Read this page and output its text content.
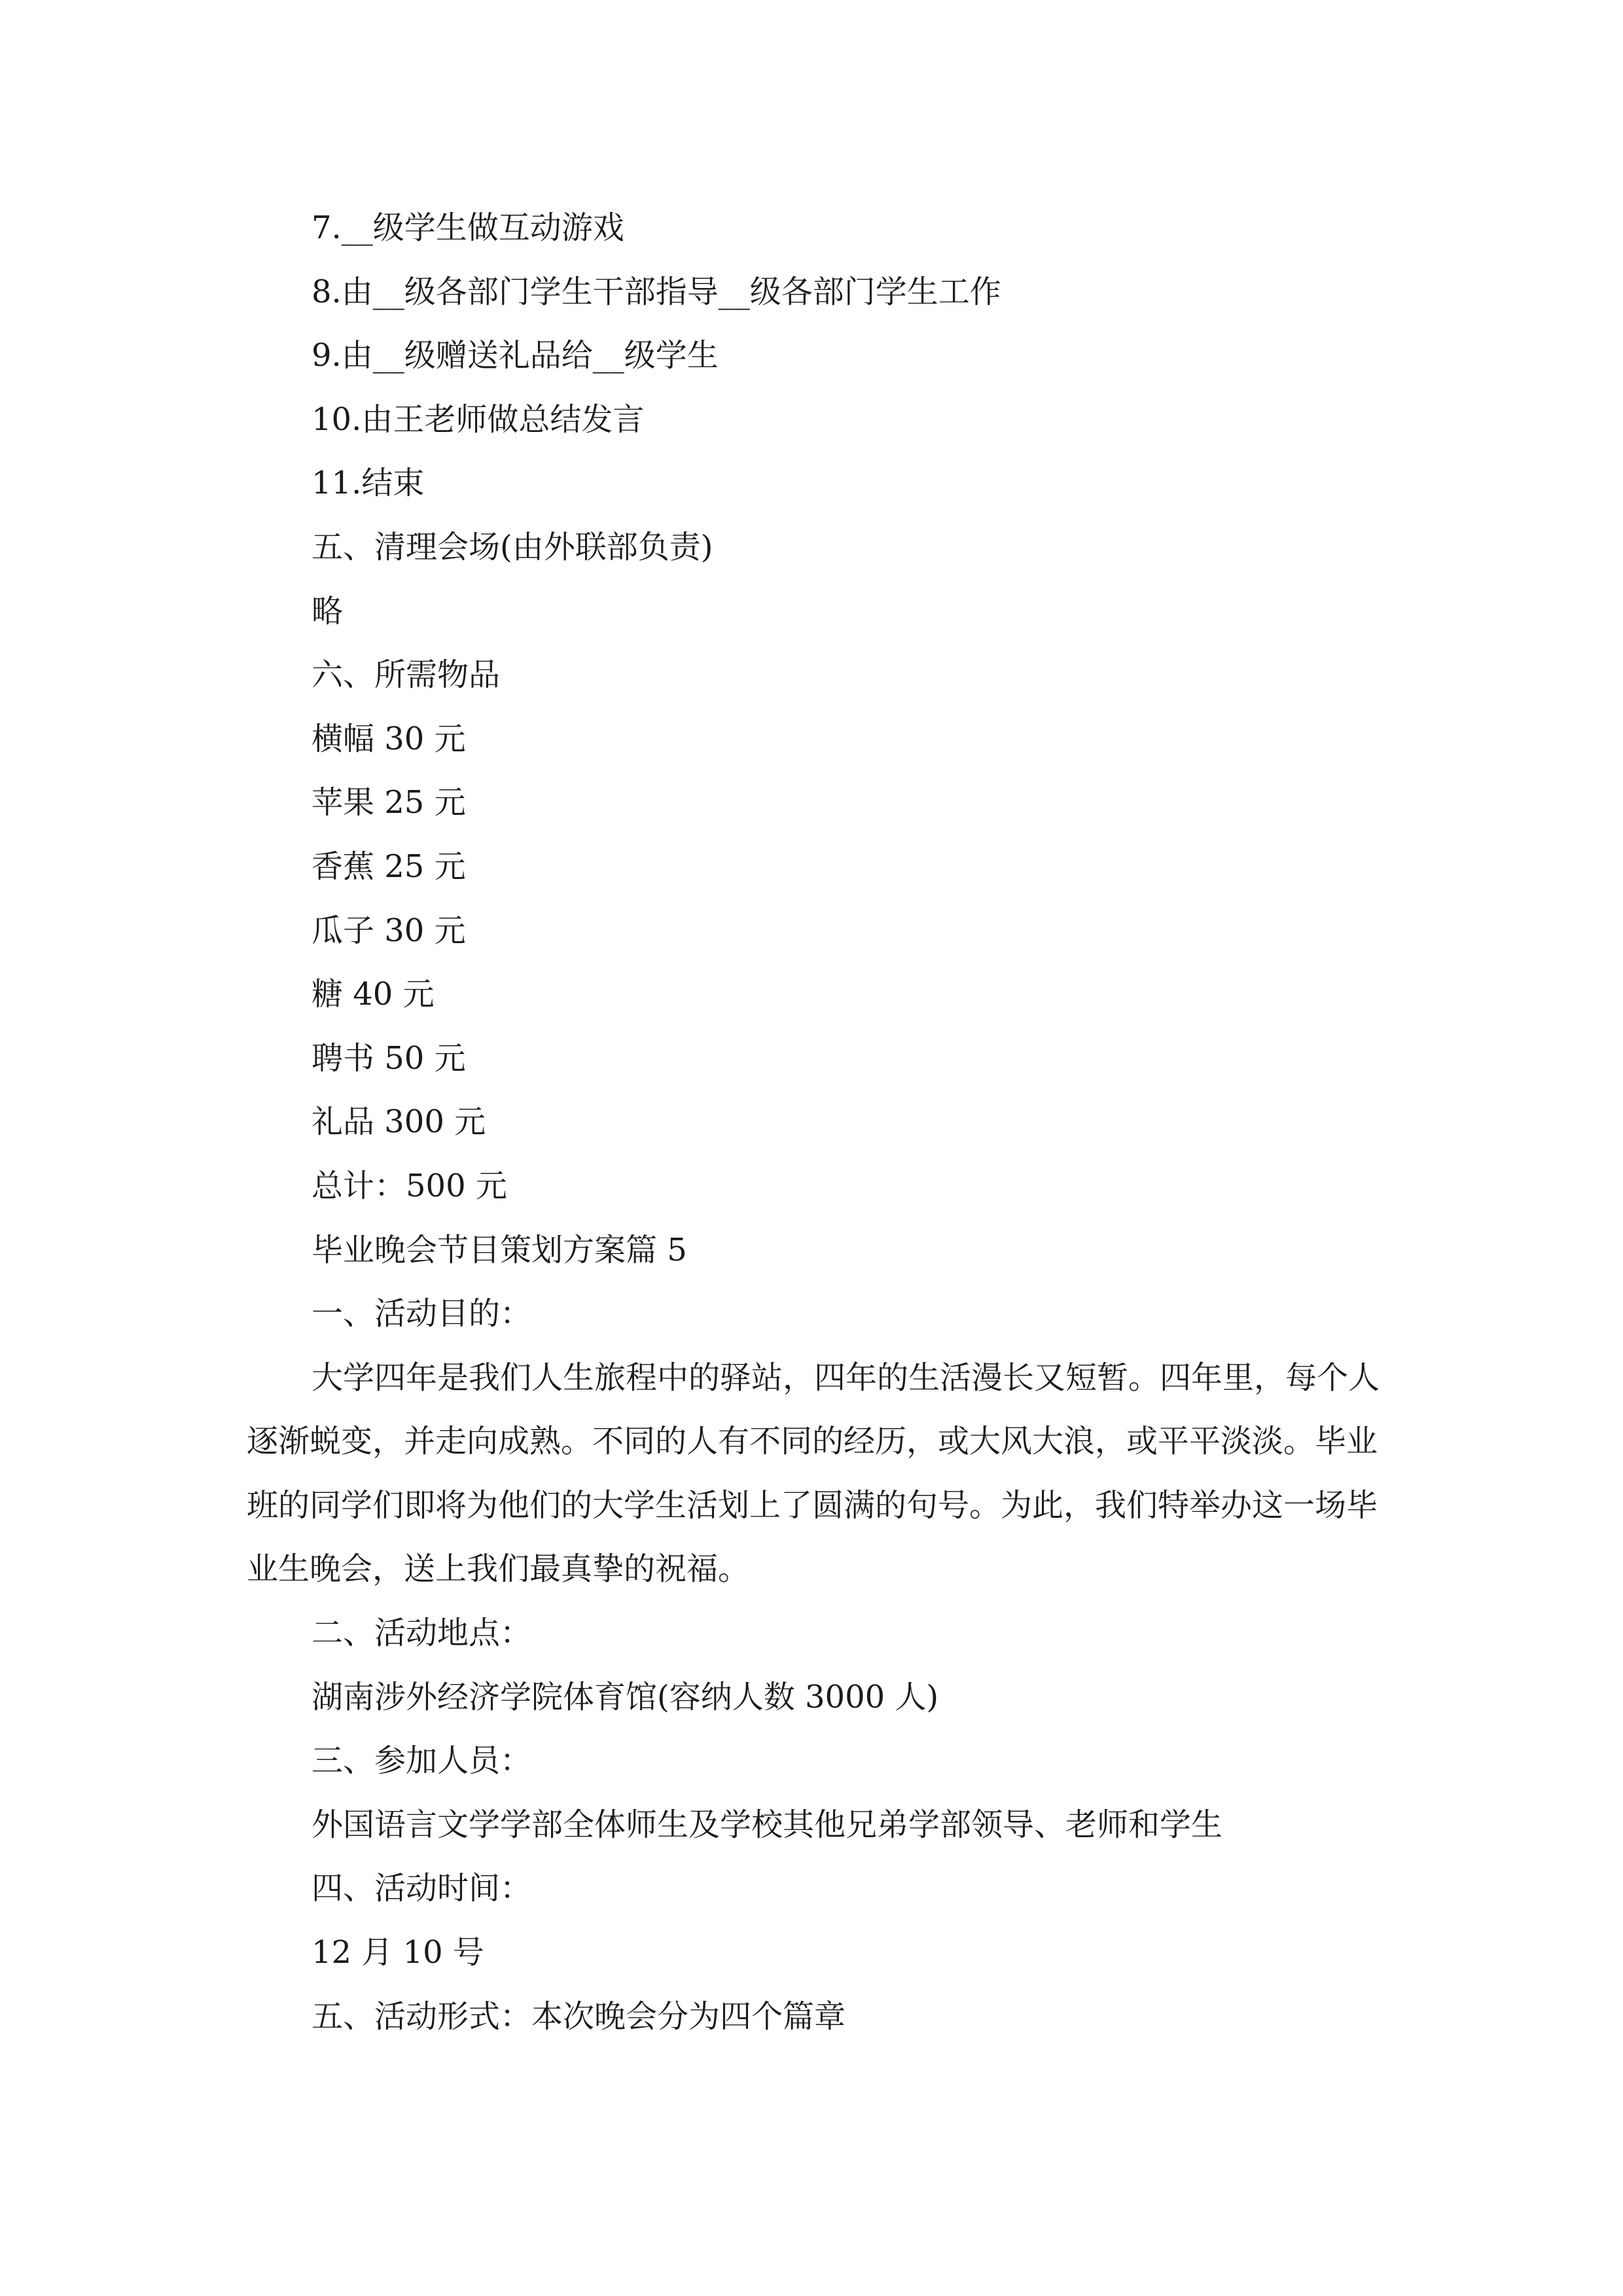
7.__级学生做互动游戏
8.由__级各部门学生干部指导__级各部门学生工作
9.由__级赠送礼品给__级学生
10.由王老师做总结发言
11.结束
五、清理会场(由外联部负责)
略
六、所需物品
横幅 30 元
苹果 25 元
香蕉 25 元
瓜子 30 元
糖 40 元
聘书 50 元
礼品 300 元
总计：500 元
毕业晚会节目策划方案篇 5
一、活动目的：
大学四年是我们人生旅程中的驿站，四年的生活漫长又短暂。四年里，每个人逐渐蜕变，并走向成熟。不同的人有不同的经历，或大风大浪，或平平淡淡。毕业班的同学们即将为他们的大学生活划上了圆满的句号。为此，我们特举办这一场毕业生晚会，送上我们最真挚的祝福。
二、活动地点：
湖南涉外经济学院体育馆(容纳人数 3000 人)
三、参加人员：
外国语言文学学部全体师生及学校其他兄弟学部领导、老师和学生
四、活动时间：
12 月 10 号
五、活动形式：本次晚会分为四个篇章
